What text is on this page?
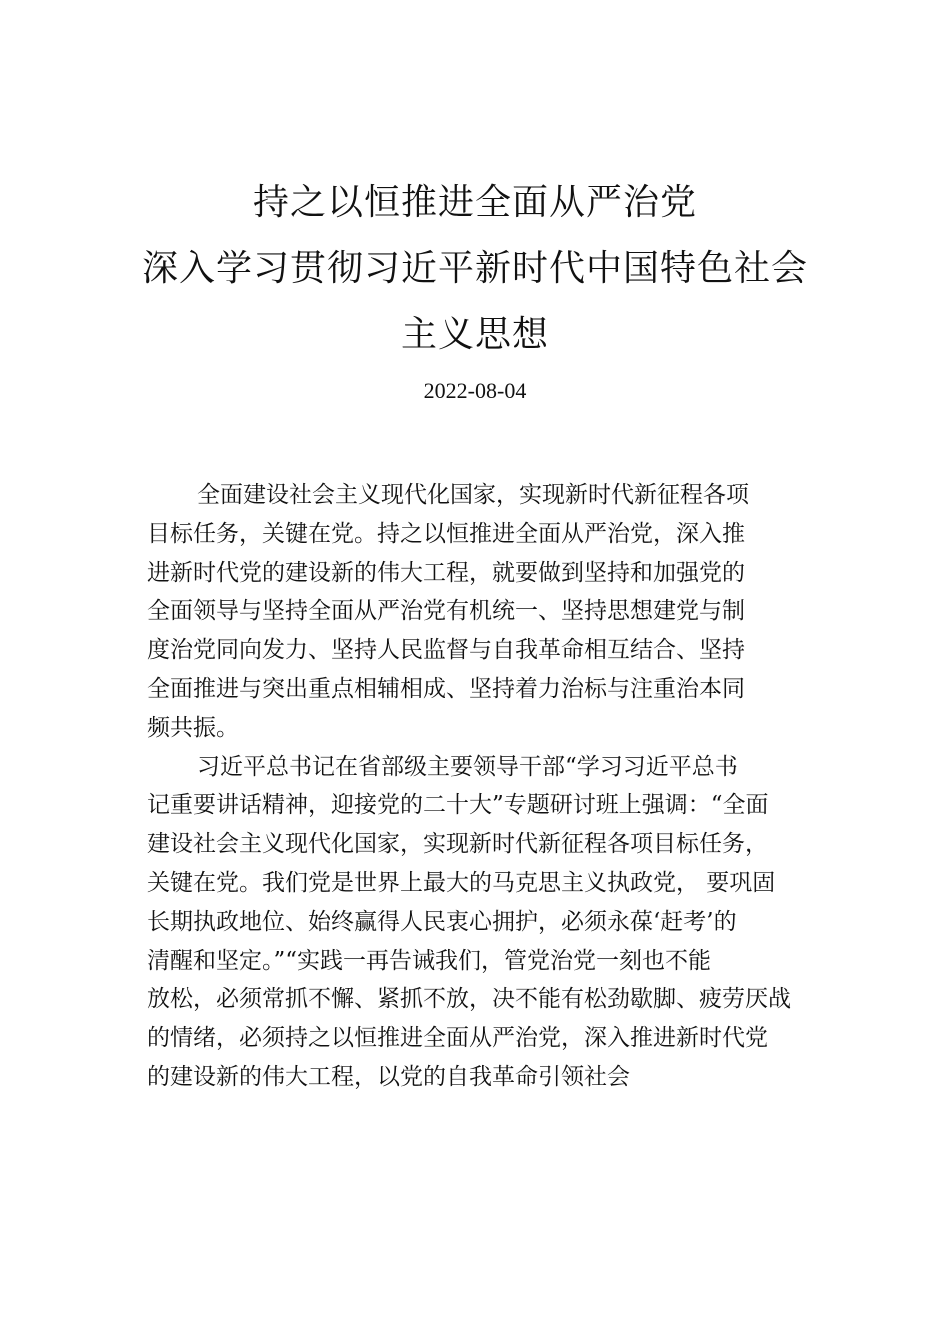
持之以恒推进全面从严治党
深入学习贯彻习近平新时代中国特色社会
主义思想
2022-08-04
全面建设社会主义现代化国家，实现新时代新征程各项
目标任务，关键在党。持之以恒推进全面从严治党，深入推
进新时代党的建设新的伟大工程，就要做到坚持和加强党的
全面领导与坚持全面从严治党有机统一、坚持思想建党与制
度治党同向发力、坚持人民监督与自我革命相互结合、坚持
全面推进与突出重点相辅相成、坚持着力治标与注重治本同
频共振。
习近平总书记在省部级主要领导干部“学习习近平总书
记重要讲话精神，迎接党的二十大”专题研讨班上强调：“全面
建设社会主义现代化国家，实现新时代新征程各项目标任务，
关键在党。我们党是世界上最大的马克思主义执政党， 要巩固
长期执政地位、始终赢得人民衷心拥护，必须永葆‘赶考’的
清醒和坚定。”“实践一再告诫我们，管党治党一刻也不能
放松，必须常抓不懈、紧抓不放，决不能有松劲歇脚、疲劳厌战
的情绪，必须持之以恒推进全面从严治党，深入推进新时代党
的建设新的伟大工程，以党的自我革命引领社会
